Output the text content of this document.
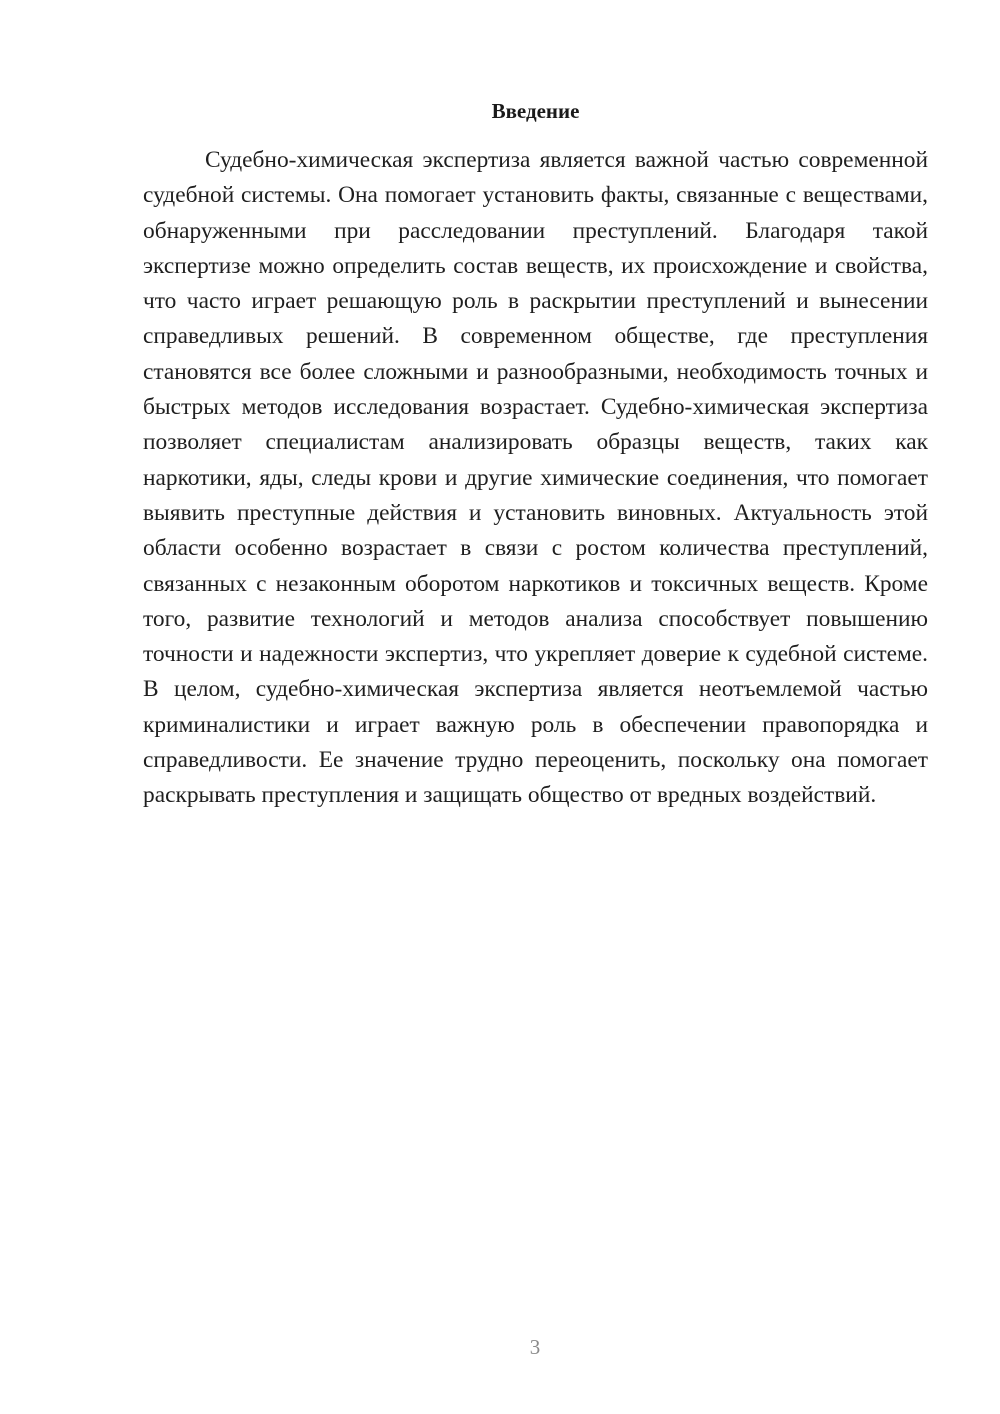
Введение

Судебно-химическая экспертиза является важной частью современной судебной системы. Она помогает установить факты, связанные с веществами, обнаруженными при расследовании преступлений. Благодаря такой экспертизе можно определить состав веществ, их происхождение и свойства, что часто играет решающую роль в раскрытии преступлений и вынесении справедливых решений. В современном обществе, где преступления становятся все более сложными и разнообразными, необходимость точных и быстрых методов исследования возрастает. Судебно-химическая экспертиза позволяет специалистам анализировать образцы веществ, таких как наркотики, яды, следы крови и другие химические соединения, что помогает выявить преступные действия и установить виновных. Актуальность этой области особенно возрастает в связи с ростом количества преступлений, связанных с незаконным оборотом наркотиков и токсичных веществ. Кроме того, развитие технологий и методов анализа способствует повышению точности и надежности экспертиз, что укрепляет доверие к судебной системе. В целом, судебно-химическая экспертиза является неотъемлемой частью криминалистики и играет важную роль в обеспечении правопорядка и справедливости. Ее значение трудно переоценить, поскольку она помогает раскрывать преступления и защищать общество от вредных воздействий.

3
